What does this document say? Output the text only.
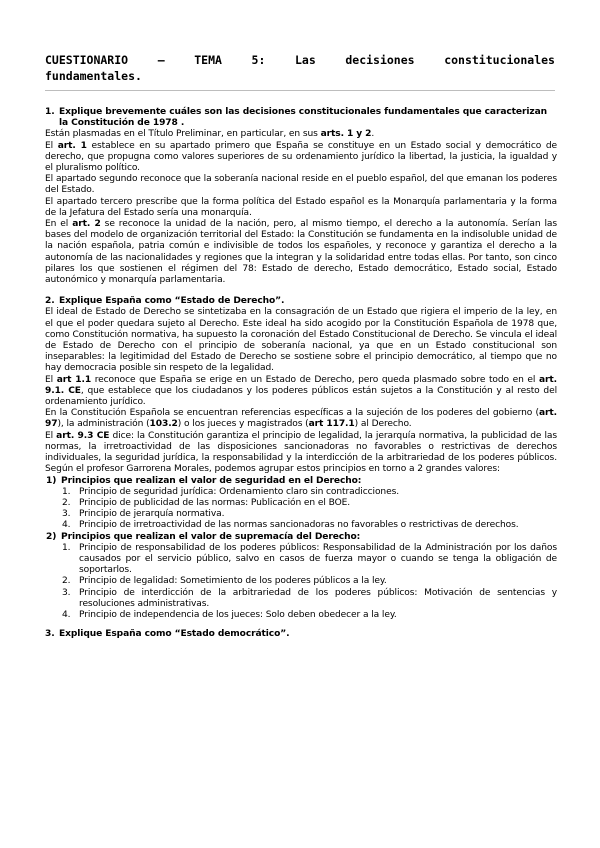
CUESTIONARIO	–	TEMA	5:	Las	decisiones	constitucionales
fundamentales.
1. Explique brevemente cuáles son las decisiones constitucionales fundamentales que caracterizan la Constitución de 1978 .

Están plasmadas en el Título Preliminar, en particular, en sus arts. 1 y 2.

El art. 1 establece en su apartado primero que España se constituye en un Estado social y democrático de derecho, que propugna como valores superiores de su ordenamiento jurídico la libertad, la justicia, la igualdad y el pluralismo político.

El apartado segundo reconoce que la soberanía nacional reside en el pueblo español, del que emanan los poderes del Estado.

El apartado tercero prescribe que la forma política del Estado español es la Monarquía parlamentaria y la forma de la Jefatura del Estado sería una monarquía.

En el art. 2 se reconoce la unidad de la nación, pero, al mismo tiempo, el derecho a la autonomía. Serían las bases del modelo de organización territorial del Estado: la Constitución se fundamenta en la indisoluble unidad de la nación española, patria común e indivisible de todos los españoles, y reconoce y garantiza el derecho a la autonomía de las nacionalidades y regiones que la integran y la solidaridad entre todas ellas. Por tanto, son cinco pilares los que sostienen el régimen del 78: Estado de derecho, Estado democrático, Estado social, Estado autonómico y monarquía parlamentaria.

2. Explique España como “Estado de Derecho”.

El ideal de Estado de Derecho se sintetizaba en la consagración de un Estado que rigiera el imperio de la ley, en el que el poder quedara sujeto al Derecho. Este ideal ha sido acogido por la Constitución Española de 1978 que, como Constitución normativa, ha supuesto la coronación del Estado Constitucional de Derecho. Se vincula el ideal de Estado de Derecho con el principio de soberanía nacional, ya que en un Estado constitucional son inseparables: la legitimidad del Estado de Derecho se sostiene sobre el principio democrático, al tiempo que no hay democracia posible sin respeto de la legalidad.

El art 1.1 reconoce que España se erige en un Estado de Derecho, pero queda plasmado sobre todo en el art. 9.1. CE, que establece que los ciudadanos y los poderes públicos están sujetos a la Constitución y al resto del ordenamiento jurídico.

En la Constitución Española se encuentran referencias específicas a la sujeción de los poderes del gobierno (art. 97), la administración (103.2) o los jueces y magistrados (art 117.1) al Derecho.

El art. 9.3 CE dice: la Constitución garantiza el principio de legalidad, la jerarquía normativa, la publicidad de las normas, la irretroactividad de las disposiciones sancionadoras no favorables o restrictivas de derechos individuales, la seguridad jurídica, la responsabilidad y la interdicción de la arbitrariedad de los poderes públicos. Según el profesor Garrorena Morales, podemos agrupar estos principios en torno a 2 grandes valores:

1) Principios que realizan el valor de seguridad en el Derecho:
1. Principio de seguridad jurídica: Ordenamiento claro sin contradicciones.
2. Principio de publicidad de las normas: Publicación en el BOE.
3. Principio de jerarquía normativa.
4. Principio de irretroactividad de las normas sancionadoras no favorables o restrictivas de derechos.
2) Principios que realizan el valor de supremacía del Derecho:
1. Principio de responsabilidad de los poderes públicos: Responsabilidad de la Administración por los daños causados por el servicio público, salvo en casos de fuerza mayor o cuando se tenga la obligación de soportarlos.
2. Principio de legalidad: Sometimiento de los poderes públicos a la ley.
3. Principio de interdicción de la arbitrariedad de los poderes públicos: Motivación de sentencias y resoluciones administrativas.
4. Principio de independencia de los jueces: Solo deben obedecer a la ley.
3. Explique España como “Estado democrático”.
